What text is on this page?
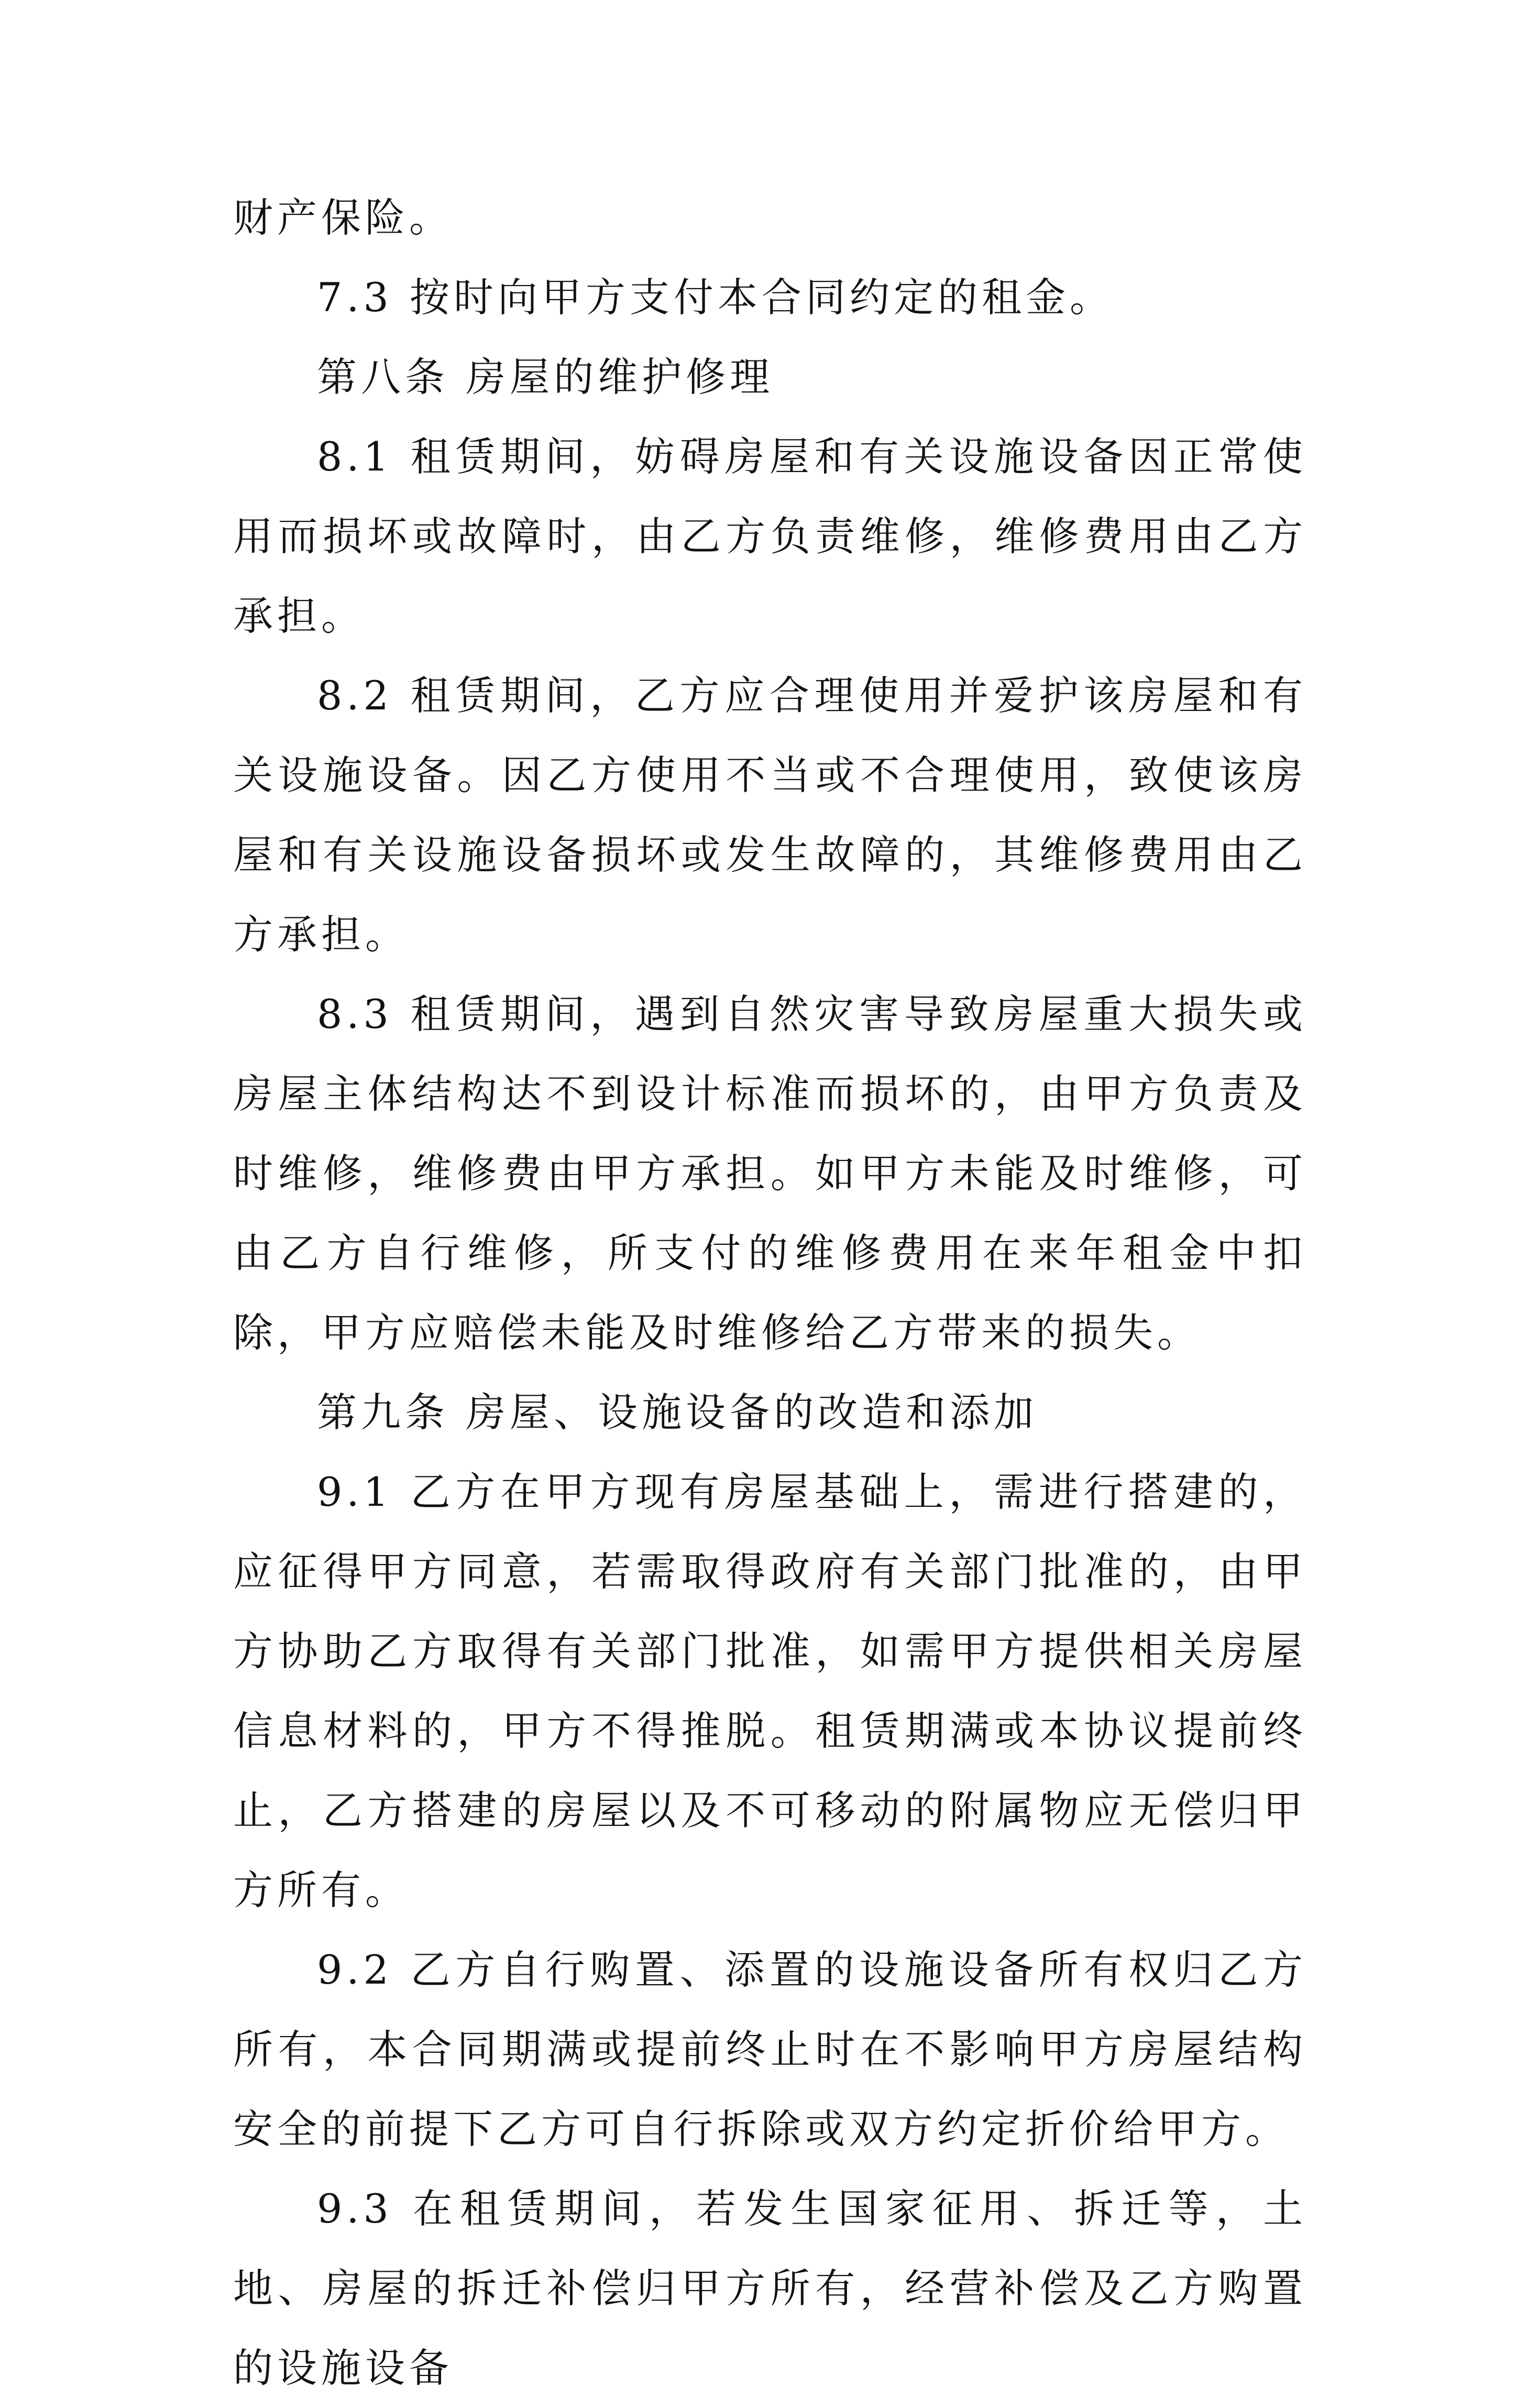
财产保险。

7.3 按时向甲方支付本合同约定的租金。

第八条 房屋的维护修理

8.1 租赁期间，妨碍房屋和有关设施设备因正常使用而损坏或故障时，由乙方负责维修，维修费用由乙方承担。

8.2 租赁期间，乙方应合理使用并爱护该房屋和有关设施设备。因乙方使用不当或不合理使用，致使该房屋和有关设施设备损坏或发生故障的，其维修费用由乙方承担。

8.3 租赁期间，遇到自然灾害导致房屋重大损失或房屋主体结构达不到设计标准而损坏的，由甲方负责及时维修，维修费由甲方承担。如甲方未能及时维修，可由乙方自行维修，所支付的维修费用在来年租金中扣除，甲方应赔偿未能及时维修给乙方带来的损失。

第九条 房屋、设施设备的改造和添加

9.1 乙方在甲方现有房屋基础上，需进行搭建的，应征得甲方同意，若需取得政府有关部门批准的，由甲方协助乙方取得有关部门批准，如需甲方提供相关房屋信息材料的，甲方不得推脱。租赁期满或本协议提前终止，乙方搭建的房屋以及不可移动的附属物应无偿归甲方所有。

9.2 乙方自行购置、添置的设施设备所有权归乙方所有，本合同期满或提前终止时在不影响甲方房屋结构安全的前提下乙方可自行拆除或双方约定折价给甲方。

9.3 在租赁期间，若发生国家征用、拆迁等，土地、房屋的拆迁补偿归甲方所有，经营补偿及乙方购置的设施设备
